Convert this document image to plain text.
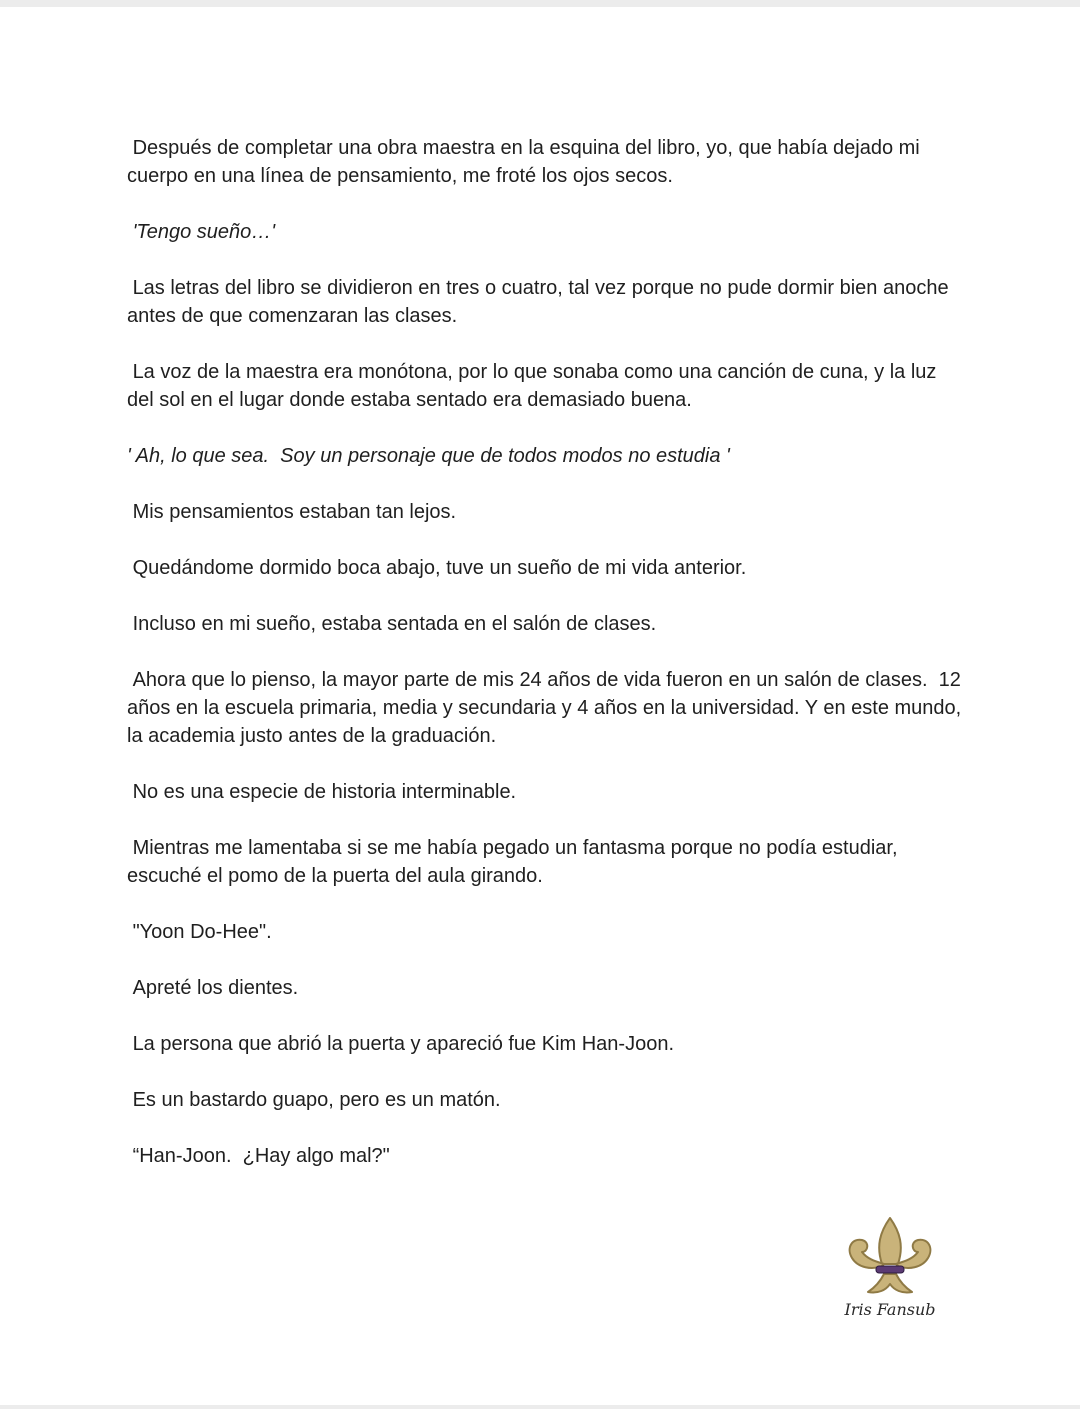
Después de completar una obra maestra en la esquina del libro, yo, que había dejado mi cuerpo en una línea de pensamiento, me froté los ojos secos.

'Tengo sueño…'

Las letras del libro se dividieron en tres o cuatro, tal vez porque no pude dormir bien anoche antes de que comenzaran las clases.

La voz de la maestra era monótona, por lo que sonaba como una canción de cuna, y la luz del sol en el lugar donde estaba sentado era demasiado buena.

' Ah, lo que sea.  Soy un personaje que de todos modos no estudia '

Mis pensamientos estaban tan lejos.

Quedándome dormido boca abajo, tuve un sueño de mi vida anterior.

Incluso en mi sueño, estaba sentada en el salón de clases.

Ahora que lo pienso, la mayor parte de mis 24 años de vida fueron en un salón de clases.  12 años en la escuela primaria, media y secundaria y 4 años en la universidad. Y en este mundo, la academia justo antes de la graduación.

No es una especie de historia interminable.

Mientras me lamentaba si se me había pegado un fantasma porque no podía estudiar, escuché el pomo de la puerta del aula girando.

"Yoon Do-Hee".

Apreté los dientes.

La persona que abrió la puerta y apareció fue Kim Han-Joon.

Es un bastardo guapo, pero es un matón.

“Han-Joon.  ¿Hay algo mal?"

Iris Fansub
